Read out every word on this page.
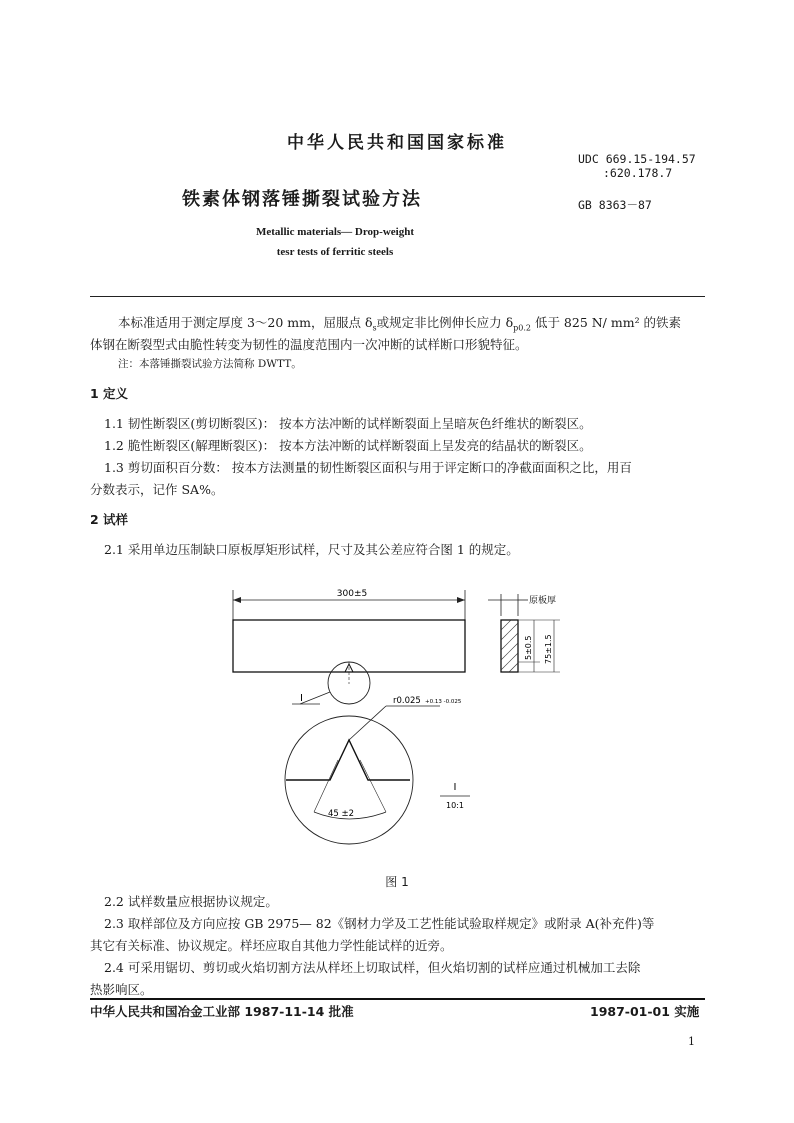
中华人民共和国国家标准
UDC 669.15-194.57
:620.178.7
铁素体钢落锤撕裂试验方法	GB 8363－87
Metallic materials— Drop-weight
tesr tests of ferritic steels
本标准适用于测定厚度 3～20 mm，屈服点 $\delta_s$或规定非比例伸长应力 $\delta_{p0.2}$ 低于 825 N/ mm² 的铁素
体钢在断裂型式由脆性转变为韧性的温度范围内一次冲断的试样断口形貌特征。
注：本落锤撕裂试验方法简称 DWTT。
1 定义
1.1 韧性断裂区(剪切断裂区)： 按本方法冲断的试样断裂面上呈暗灰色纤维状的断裂区。
1.2 脆性断裂区(解理断裂区)： 按本方法冲断的试样断裂面上呈发亮的结晶状的断裂区。
1.3 剪切面积百分数： 按本方法测量的韧性断裂区面积与用于评定断口的净截面面积之比，用百
分数表示，记作 SA%。
2 试样
2.1 采用单边压制缺口原板厚矩形试样，尺寸及其公差应符合图 1 的规定。
300±5
I
原板厚
5±0.5 75±1.5
r0.025 +0.13 -0.025
45 ±2
I
10:1
图 1
2.2 试样数量应根据协议规定。
2.3 取样部位及方向应按 GB 2975— 82《钢材力学及工艺性能试验取样规定》或附录 A(补充件)等
其它有关标准、协议规定。样坯应取自其他力学性能试样的近旁。
2.4 可采用锯切、剪切或火焰切割方法从样坯上切取试样，但火焰切割的试样应通过机械加工去除
热影响区。
中华人民共和国冶金工业部 1987-11-14 批准	1987-01-01 实施
1
